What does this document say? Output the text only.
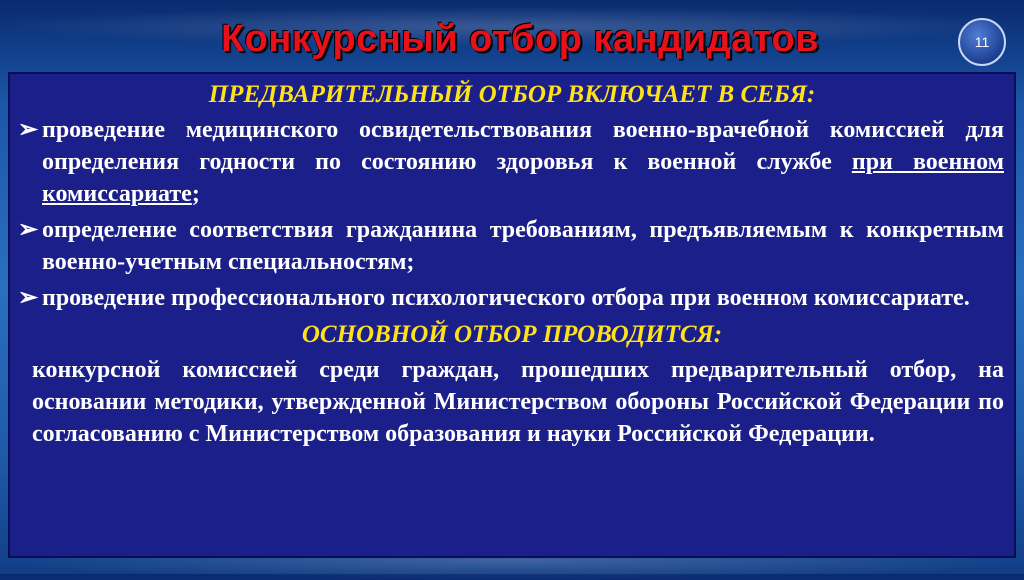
Конкурсный отбор кандидатов	11
ПРЕДВАРИТЕЛЬНЫЙ ОТБОР ВКЛЮЧАЕТ В СЕБЯ:
➢ проведение медицинского освидетельствования военно-врачебной комиссией для определения годности по состоянию здоровья к военной службе при военном комиссариате;
➢ определение соответствия гражданина требованиям, предъявляемым к конкретным военно-учетным специальностям;
➢ проведение профессионального психологического отбора при военном комиссариате.
ОСНОВНОЙ ОТБОР ПРОВОДИТСЯ:
конкурсной комиссией среди граждан, прошедших предварительный отбор, на основании методики, утвержденной Министерством обороны Российской Федерации по согласованию с Министерством образования и науки Российской Федерации.
